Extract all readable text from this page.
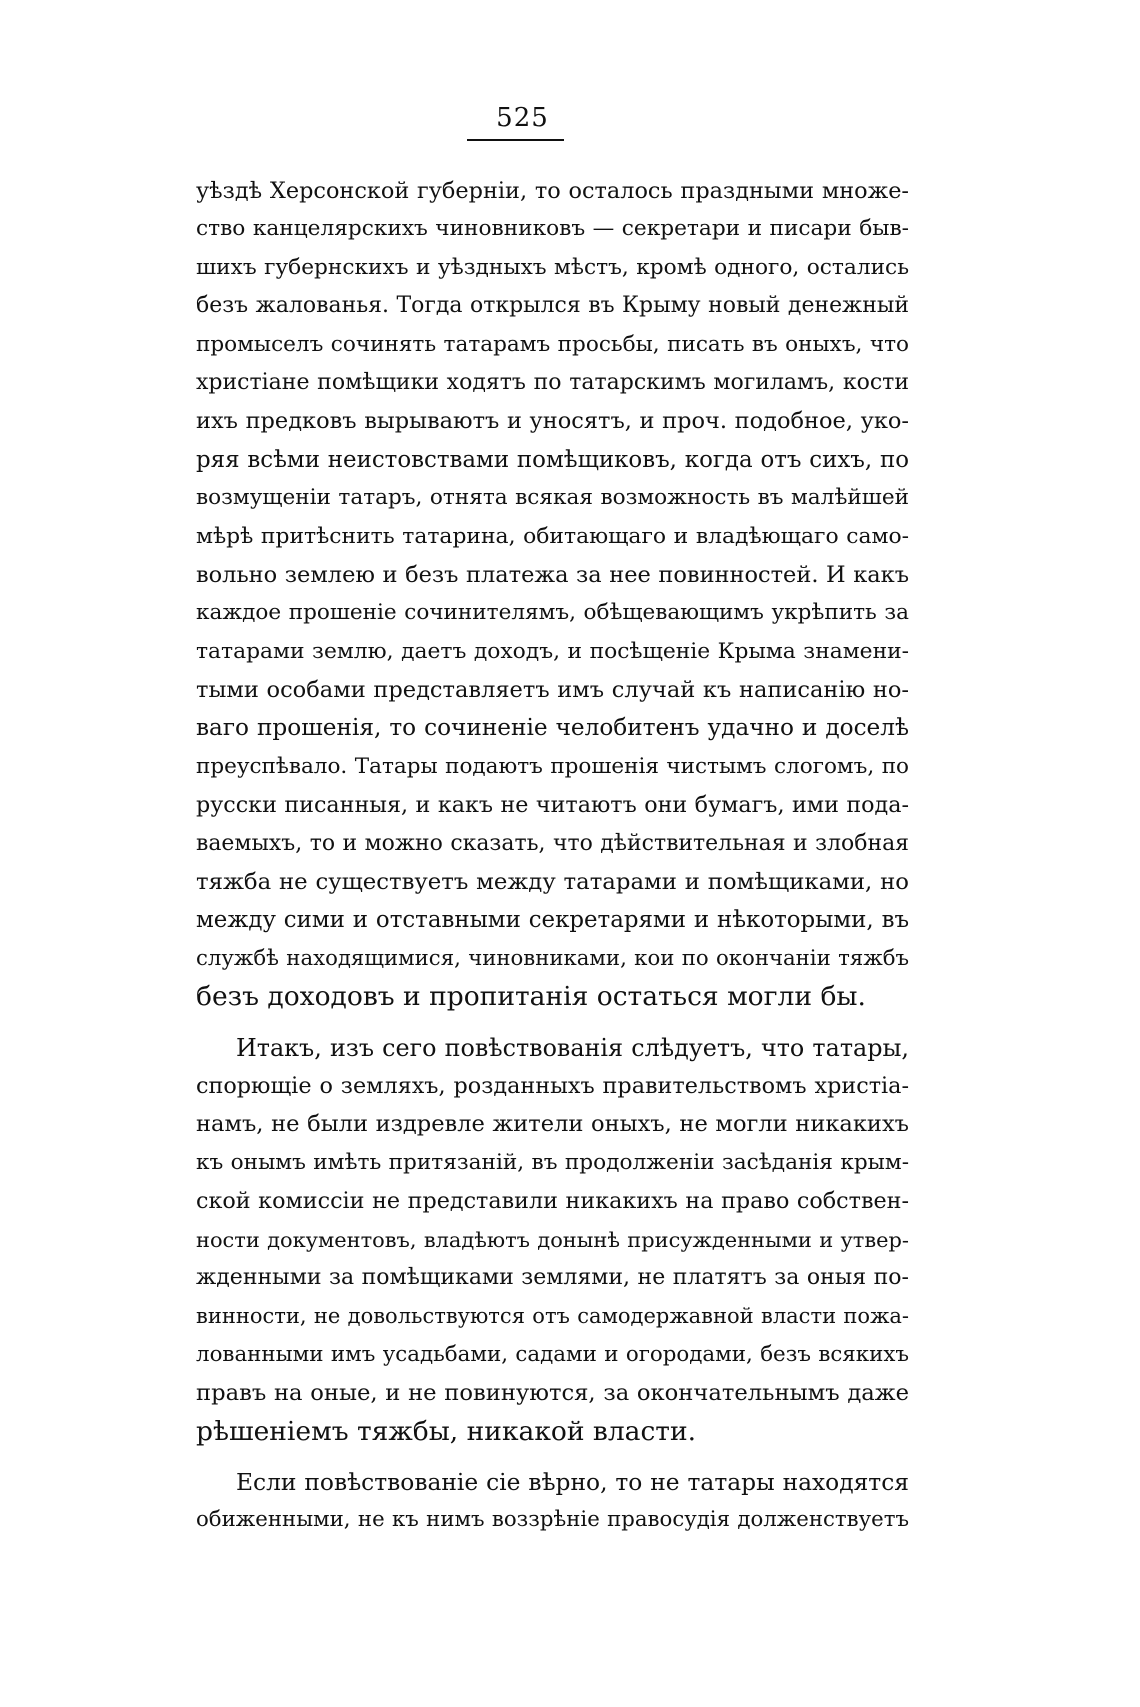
525
уѣздѣ Херсонской губерніи, то осталось праздными множе-
ство канцелярскихъ чиновниковъ — секретари и писари быв-
шихъ губернскихъ и уѣздныхъ мѣстъ, кромѣ одного, остались
безъ жалованья. Тогда открылся въ Крыму новый денежный
промыселъ сочинять татарамъ просьбы, писать въ оныхъ, что
христіане помѣщики ходятъ по татарскимъ могиламъ, кости
ихъ предковъ вырываютъ и уносятъ, и проч. подобное, уко-
ряя всѣми неистовствами помѣщиковъ, когда отъ сихъ, по
возмущеніи татаръ, отнята всякая возможность въ малѣйшей
мѣрѣ притѣснить татарина, обитающаго и владѣющаго само-
вольно землею и безъ платежа за нее повинностей. И какъ
каждое прошеніе сочинителямъ, обѣщевающимъ укрѣпить за
татарами землю, даетъ доходъ, и посѣщеніе Крыма знамени-
тыми особами представляетъ имъ случай къ написанію но-
ваго прошенія, то сочиненіе челобитенъ удачно и доселѣ
преуспѣвало. Татары подаютъ прошенія чистымъ слогомъ, по
русски писанныя, и какъ не читаютъ они бумагъ, ими пода-
ваемыхъ, то и можно сказать, что дѣйствительная и злобная
тяжба не существуетъ между татарами и помѣщиками, но
между сими и отставными секретарями и нѣкоторыми, въ
службѣ находящимися, чиновниками, кои по окончаніи тяжбъ
безъ доходовъ и пропитанія остаться могли бы.
Итакъ, изъ сего повѣствованія слѣдуетъ, что татары,
спорющіе о земляхъ, розданныхъ правительствомъ христіа-
намъ, не были издревле жители оныхъ, не могли никакихъ
къ онымъ имѣть притязаній, въ продолженіи засѣданія крым-
ской комиссіи не представили никакихъ на право собствен-
ности документовъ, владѣютъ донынѣ присужденными и утвер-
жденными за помѣщиками землями, не платятъ за оныя по-
винности, не довольствуются отъ самодержавной власти пожа-
лованными имъ усадьбами, садами и огородами, безъ всякихъ
правъ на оные, и не повинуются, за окончательнымъ даже
рѣшеніемъ тяжбы, никакой власти.
Если повѣствованіе сіе вѣрно, то не татары находятся
обиженными, не къ нимъ воззрѣніе правосудія долженствуетъ
